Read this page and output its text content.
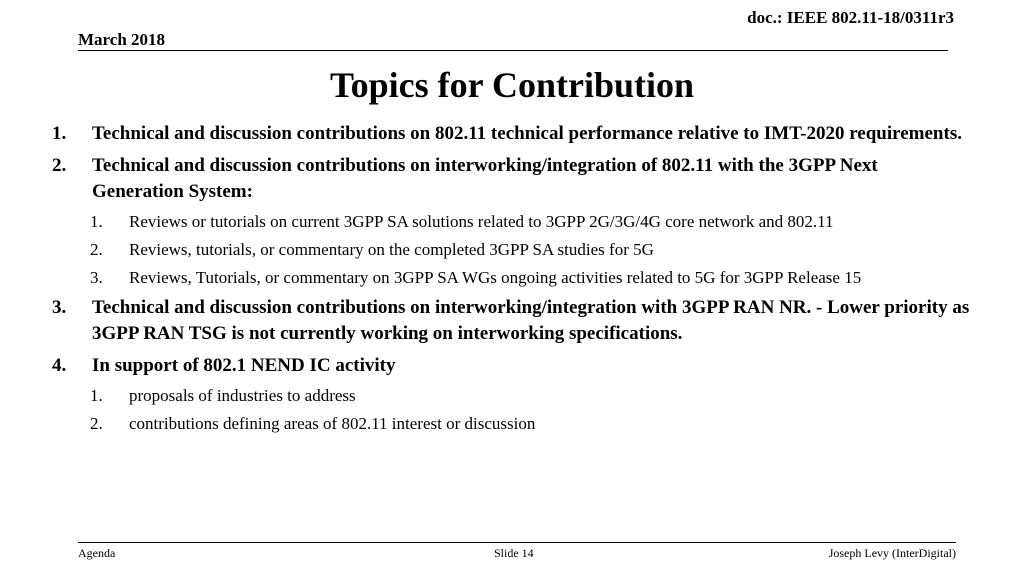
doc.: IEEE 802.11-18/0311r3
March 2018
Topics for Contribution
1. Technical and discussion contributions on 802.11 technical performance relative to IMT-2020 requirements.
2. Technical and discussion contributions on interworking/integration of 802.11 with the 3GPP Next Generation System:
1. Reviews or tutorials on current 3GPP SA solutions related to 3GPP 2G/3G/4G core network and 802.11
2. Reviews, tutorials, or commentary on the completed 3GPP SA studies for 5G
3. Reviews, Tutorials, or commentary on 3GPP SA WGs ongoing activities related to 5G for 3GPP Release 15
3. Technical and discussion contributions on interworking/integration with 3GPP RAN NR. - Lower priority as 3GPP RAN TSG is not currently working on interworking specifications.
4. In support of 802.1 NEND IC activity
1. proposals of industries to address
2. contributions defining areas of 802.11 interest or discussion
Agenda	Slide 14	Joseph Levy (InterDigital)
